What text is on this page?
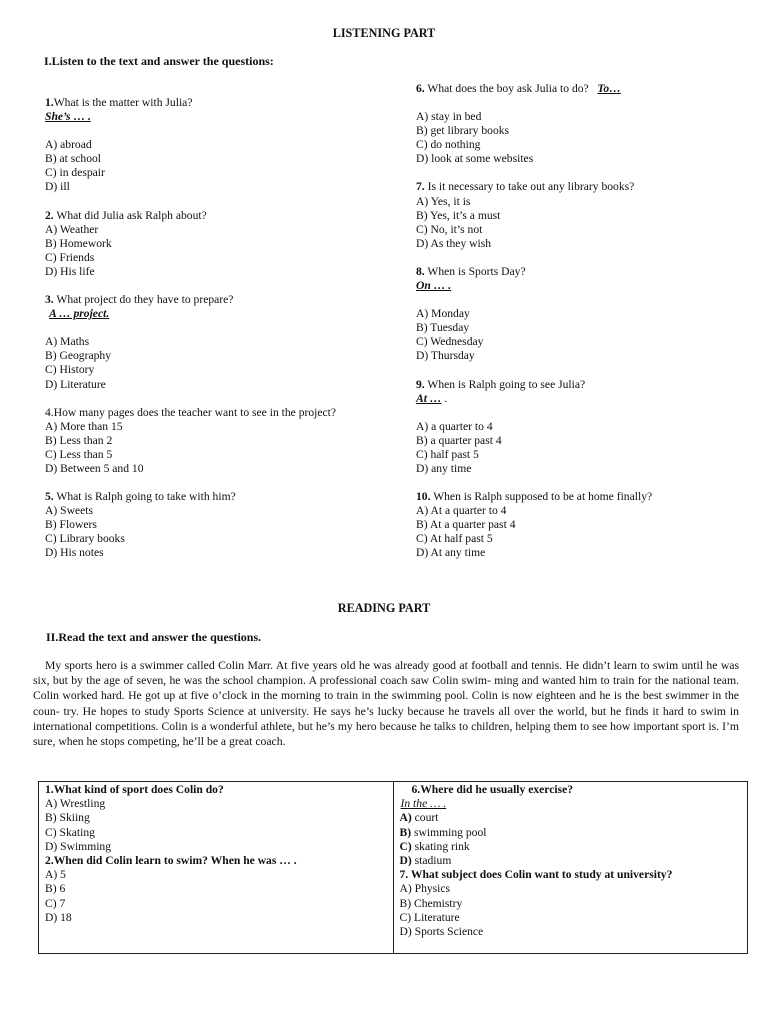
LISTENING PART
I.Listen to the text and answer the questions:
1.What is the matter with Julia?
She’s … .
A) abroad
B) at school
C) in despair
D) ill
2. What did Julia ask Ralph about?
A) Weather
B) Homework
C) Friends
D) His life
3. What project do they have to prepare?
A … project.
A) Maths
B) Geography
C) History
D) Literature
4.How many pages does the teacher want to see in the project?
A) More than 15
B) Less than 2
C) Less than 5
D) Between 5 and 10
5. What is Ralph going to take with him?
A) Sweets
B) Flowers
C) Library books
D) His notes
6. What does the boy ask Julia to do? To…
A) stay in bed
B) get library books
C) do nothing
D) look at some websites
7. Is it necessary to take out any library books?
A) Yes, it is
B) Yes, it’s a must
C) No, it’s not
D) As they wish
8. When is Sports Day?
On … .
A) Monday
B) Tuesday
C) Wednesday
D) Thursday
9. When is Ralph going to see Julia?
At … .
A) a quarter to 4
B) a quarter past 4
C) half past 5
D) any time
10. When is Ralph supposed to be at home finally?
A) At a quarter to 4
B) At a quarter past 4
C) At half past 5
D) At any time
READING PART
II.Read the text and answer the questions.
My sports hero is a swimmer called Colin Marr. At five years old he was already good at football and tennis. He didn’t learn to swim until he was six, but by the age of seven, he was the school champion. A professional coach saw Colin swim- ming and wanted him to train for the national team. Colin worked hard. He got up at five o’clock in the morning to train in the swimming pool. Colin is now eighteen and he is the best swimmer in the coun- try. He hopes to study Sports Science at university. He says he’s lucky because he travels all over the world, but he finds it hard to swim in international competitions. Colin is a wonderful athlete, but he’s my hero because he talks to children, helping them to see how important sport is. I’m sure, when he stops competing, he’ll be a great coach.
1.What kind of sport does Colin do?
A) Wrestling
B) Skiing
C) Skating
D) Swimming
2.When did Colin learn to swim? When he was … .
A) 5
B) 6
C) 7
D) 18

6.Where did he usually exercise?
In the … .
A) court
B) swimming pool
C) skating rink
D) stadium
7. What subject does Colin want to study at university?
A) Physics
B) Chemistry
C) Literature
D) Sports Science
